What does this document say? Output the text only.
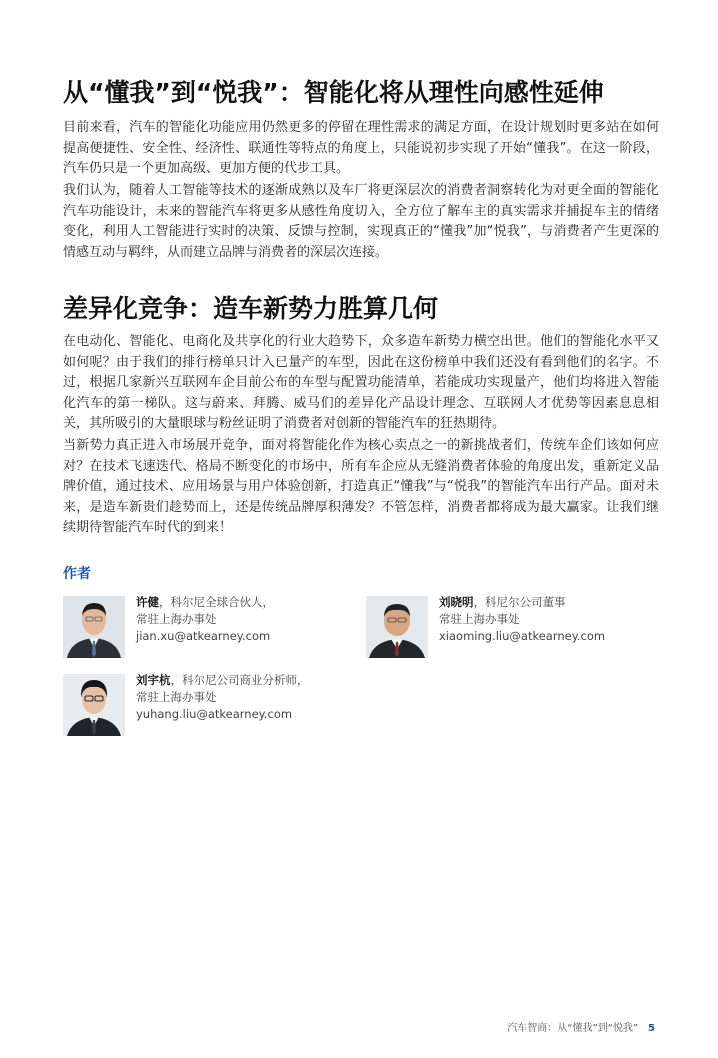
从“懂我”到“悦我”：智能化将从理性向感性延伸

目前来看，汽车的智能化功能应用仍然更多的停留在理性需求的满足方面，在设计规划时更多站在如何提高便捷性、安全性、经济性、联通性等特点的角度上，只能说初步实现了开始“懂我”。在这一阶段，汽车仍只是一个更加高级、更加方便的代步工具。

我们认为，随着人工智能等技术的逐渐成熟以及车厂将更深层次的消费者洞察转化为对更全面的智能化汽车功能设计，未来的智能汽车将更多从感性角度切入，全方位了解车主的真实需求并捕捉车主的情绪变化，利用人工智能进行实时的决策、反馈与控制，实现真正的“懂我”加“悦我”，与消费者产生更深的情感互动与羁绊，从而建立品牌与消费者的深层次连接。

差异化竞争：造车新势力胜算几何

在电动化、智能化、电商化及共享化的行业大趋势下，众多造车新势力横空出世。他们的智能化水平又如何呢？由于我们的排行榜单只计入已量产的车型，因此在这份榜单中我们还没有看到他们的名字。不过，根据几家新兴互联网车企目前公布的车型与配置功能清单，若能成功实现量产，他们均将进入智能化汽车的第一梯队。这与蔚来、拜腾、威马们的差异化产品设计理念、互联网人才优势等因素息息相关，其所吸引的大量眼球与粉丝证明了消费者对创新的智能汽车的狂热期待。

当新势力真正进入市场展开竞争，面对将智能化作为核心卖点之一的新挑战者们，传统车企们该如何应对？在技术飞速迭代、格局不断变化的市场中，所有车企应从无缝消费者体验的角度出发，重新定义品牌价值，通过技术、应用场景与用户体验创新，打造真正“懂我”与“悦我”的智能汽车出行产品。面对未来，是造车新贵们趁势而上，还是传统品牌厚积薄发？不管怎样，消费者都将成为最大赢家。让我们继续期待智能汽车时代的到来！

作者
许健，科尔尼全球合伙人，
常驻上海办事处
jian.xu@atkearney.com
刘晓明，科尼尔公司董事
常驻上海办事处
xiaoming.liu@atkearney.com
刘宇杭，科尔尼公司商业分析师，
常驻上海办事处
yuhang.liu@atkearney.com
汽车智商：从“懂我”到“悦我” 5
